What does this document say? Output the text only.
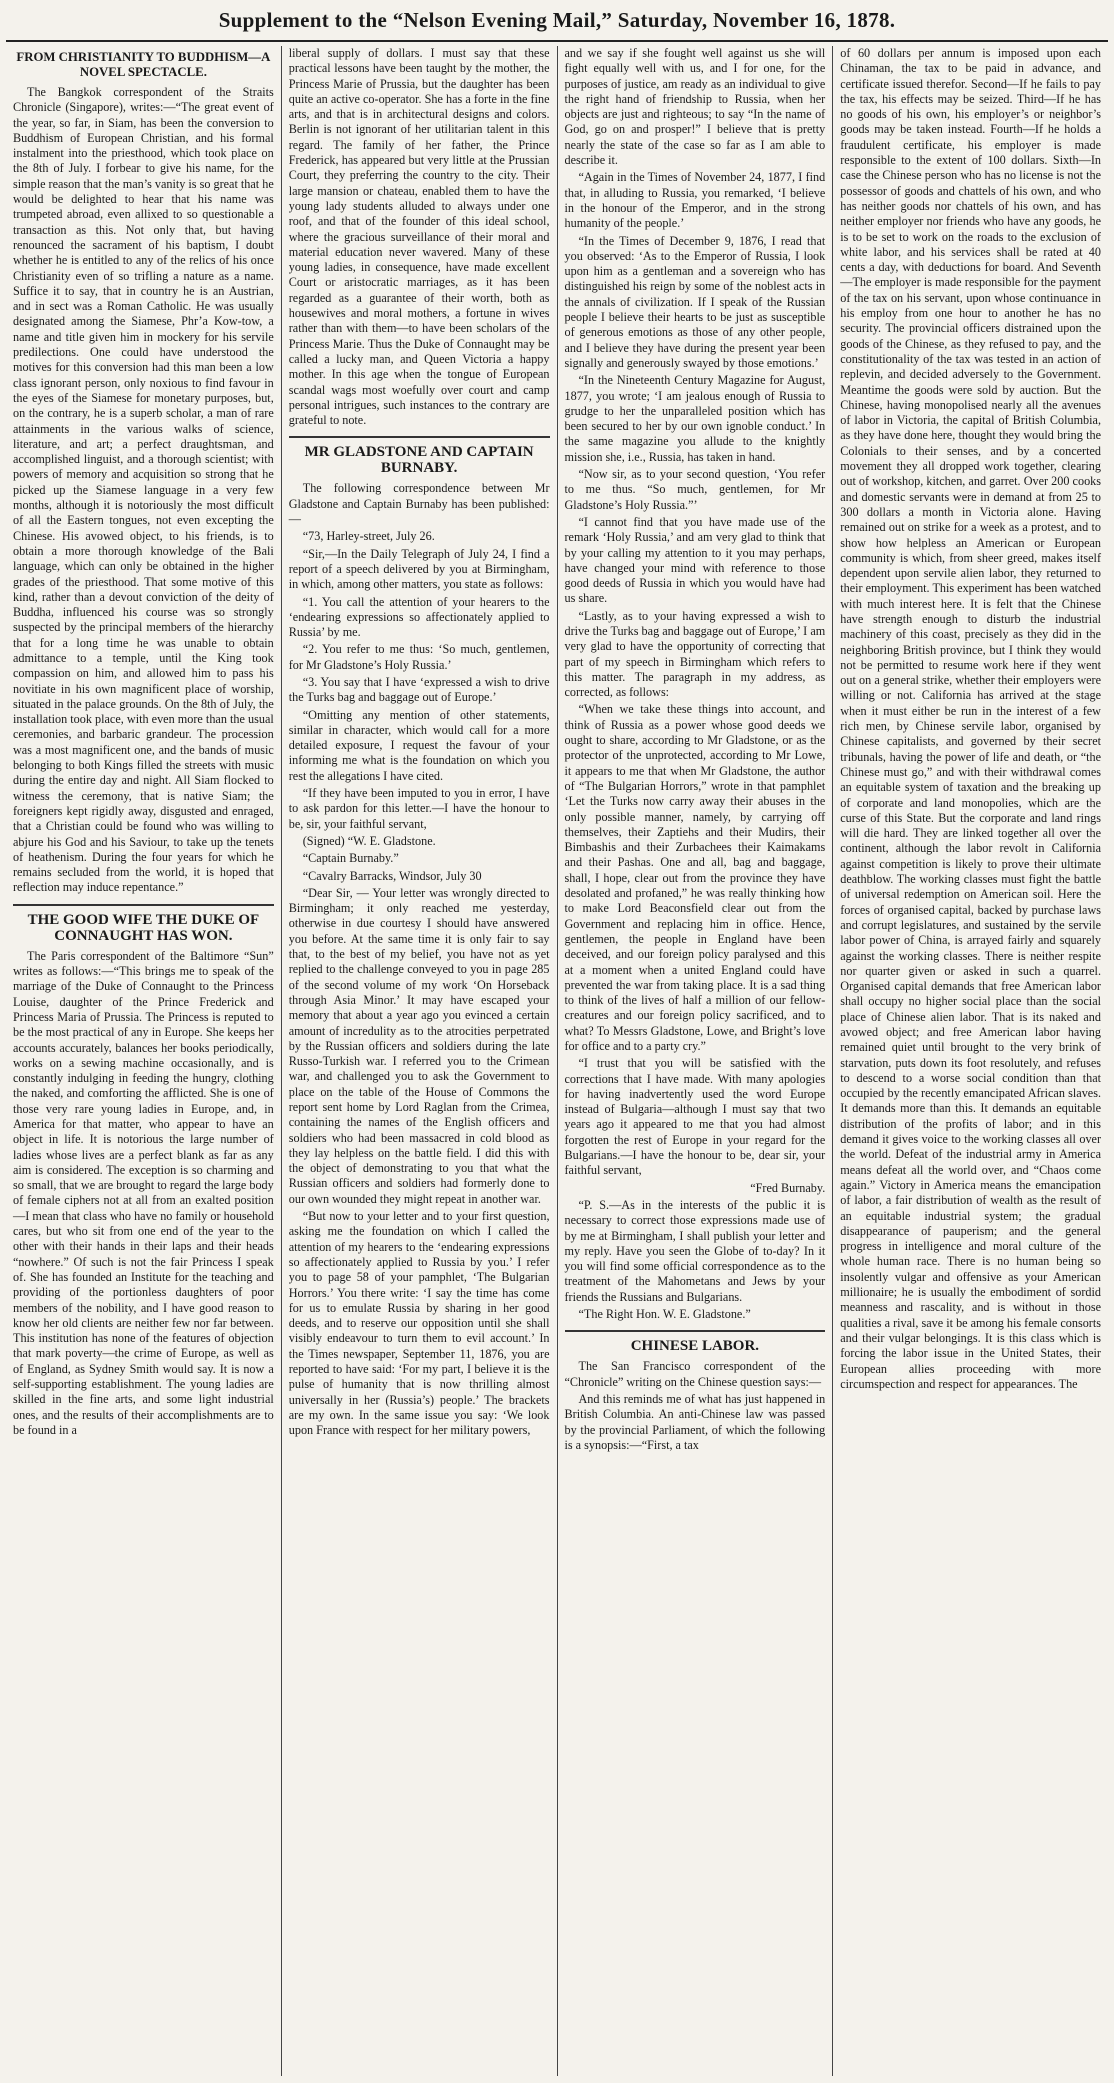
Supplement to the “Nelson Evening Mail,” Saturday, November 16, 1878.
FROM CHRISTIANITY TO BUDDHISM—A NOVEL SPECTACLE.

The Bangkok correspondent of the Straits Chronicle (Singapore), writes:—“The great event of the year, so far, in Siam, has been the conversion to Buddhism of European Christian, and his formal instalment into the priesthood, which took place on the 8th of July. I forbear to give his name, for the simple reason that the man’s vanity is so great that he would be delighted to hear that his name was trumpeted abroad, even allixed to so questionable a transaction as this. Not only that, but having renounced the sacrament of his baptism, I doubt whether he is entitled to any of the relics of his once Christianity even of so trifling a nature as a name. Suffice it to say, that in country he is an Austrian, and in sect was a Roman Catholic. He was usually designated among the Siamese, Phr’a Kow-tow, a name and title given him in mockery for his servile predilections. One could have understood the motives for this conversion had this man been a low class ignorant person, only noxious to find favour in the eyes of the Siamese for monetary purposes, but, on the contrary, he is a superb scholar, a man of rare attainments in the various walks of science, literature, and art; a perfect draughtsman, and accomplished linguist, and a thorough scientist; with powers of memory and acquisition so strong that he picked up the Siamese language in a very few months, although it is notoriously the most difficult of all the Eastern tongues, not even excepting the Chinese. His avowed object, to his friends, is to obtain a more thorough knowledge of the Bali language, which can only be obtained in the higher grades of the priesthood. That some motive of this kind, rather than a devout conviction of the deity of Buddha, influenced his course was so strongly suspected by the principal members of the hierarchy that for a long time he was unable to obtain admittance to a temple, until the King took compassion on him, and allowed him to pass his novitiate in his own magnificent place of worship, situated in the palace grounds. On the 8th of July, the installation took place, with even more than the usual ceremonies, and barbaric grandeur. The procession was a most magnificent one, and the bands of music belonging to both Kings filled the streets with music during the entire day and night. All Siam flocked to witness the ceremony, that is native Siam; the foreigners kept rigidly away, disgusted and enraged, that a Christian could be found who was willing to abjure his God and his Saviour, to take up the tenets of heathenism. During the four years for which he remains secluded from the world, it is hoped that reflection may induce repentance.”

THE GOOD WIFE THE DUKE OF CONNAUGHT HAS WON.

The Paris correspondent of the Baltimore “Sun” writes as follows:—“This brings me to speak of the marriage of the Duke of Connaught to the Princess Louise, daughter of the Prince Frederick and Princess Maria of Prussia. The Princess is reputed to be the most practical of any in Europe. She keeps her accounts accurately, balances her books periodically, works on a sewing machine occasionally, and is constantly indulging in feeding the hungry, clothing the naked, and comforting the afflicted. She is one of those very rare young ladies in Europe, and, in America for that matter, who appear to have an object in life. It is notorious the large number of ladies whose lives are a perfect blank as far as any aim is considered. The exception is so charming and so small, that we are brought to regard the large body of female ciphers not at all from an exalted position—I mean that class who have no family or household cares, but who sit from one end of the year to the other with their hands in their laps and their heads “nowhere.” Of such is not the fair Princess I speak of. She has founded an Institute for the teaching and providing of the portionless daughters of poor members of the nobility, and I have good reason to know her old clients are neither few nor far between. This institution has none of the features of objection that mark poverty—the crime of Europe, as well as of England, as Sydney Smith would say. It is now a self-supporting establishment. The young ladies are skilled in the fine arts, and some light industrial ones, and the results of their accomplishments are to be found in a

liberal supply of dollars. I must say that these practical lessons have been taught by the mother, the Princess Marie of Prussia, but the daughter has been quite an active co-operator. She has a forte in the fine arts, and that is in architectural designs and colors. Berlin is not ignorant of her utilitarian talent in this regard. The family of her father, the Prince Frederick, has appeared but very little at the Prussian Court, they preferring the country to the city. Their large mansion or chateau, enabled them to have the young lady students alluded to always under one roof, and that of the founder of this ideal school, where the gracious surveillance of their moral and material education never wavered. Many of these young ladies, in consequence, have made excellent Court or aristocratic marriages, as it has been regarded as a guarantee of their worth, both as housewives and moral mothers, a fortune in wives rather than with them—to have been scholars of the Princess Marie. Thus the Duke of Connaught may be called a lucky man, and Queen Victoria a happy mother. In this age when the tongue of European scandal wags most woefully over court and camp personal intrigues, such instances to the contrary are grateful to note.

MR GLADSTONE AND CAPTAIN BURNABY.

The following correspondence between Mr Gladstone and Captain Burnaby has been published:—

“73, Harley-street, July 26.

“Sir,—In the Daily Telegraph of July 24, I find a report of a speech delivered by you at Birmingham, in which, among other matters, you state as follows:

“1. You call the attention of your hearers to the ‘endearing expressions so affectionately applied to Russia’ by me.

“2. You refer to me thus: ‘So much, gentlemen, for Mr Gladstone’s Holy Russia.’

“3. You say that I have ‘expressed a wish to drive the Turks bag and baggage out of Europe.’

“Omitting any mention of other statements, similar in character, which would call for a more detailed exposure, I request the favour of your informing me what is the foundation on which you rest the allegations I have cited.

“If they have been imputed to you in error, I have to ask pardon for this letter.—I have the honour to be, sir, your faithful servant,

(Signed) “W. E. Gladstone.

“Captain Burnaby.”

“Cavalry Barracks, Windsor, July 30

“Dear Sir, — Your letter was wrongly directed to Birmingham; it only reached me yesterday, otherwise in due courtesy I should have answered you before. At the same time it is only fair to say that, to the best of my belief, you have not as yet replied to the challenge conveyed to you in page 285 of the second volume of my work ‘On Horseback through Asia Minor.’ It may have escaped your memory that about a year ago you evinced a certain amount of incredulity as to the atrocities perpetrated by the Russian officers and soldiers during the late Russo-Turkish war. I referred you to the Crimean war, and challenged you to ask the Government to place on the table of the House of Commons the report sent home by Lord Raglan from the Crimea, containing the names of the English officers and soldiers who had been massacred in cold blood as they lay helpless on the battle field. I did this with the object of demonstrating to you that what the Russian officers and soldiers had formerly done to our own wounded they might repeat in another war.

“But now to your letter and to your first question, asking me the foundation on which I called the attention of my hearers to the ‘endearing expressions so affectionately applied to Russia by you.’ I refer you to page 58 of your pamphlet, ‘The Bulgarian Horrors.’ You there write: ‘I say the time has come for us to emulate Russia by sharing in her good deeds, and to reserve our opposition until she shall visibly endeavour to turn them to evil account.’ In the Times newspaper, September 11, 1876, you are reported to have said: ‘For my part, I believe it is the pulse of humanity that is now thrilling almost universally in her (Russia’s) people.’ The brackets are my own. In the same issue you say: ‘We look upon France with respect for her military powers,

and we say if she fought well against us she will fight equally well with us, and I for one, for the purposes of justice, am ready as an individual to give the right hand of friendship to Russia, when her objects are just and righteous; to say “In the name of God, go on and prosper!” I believe that is pretty nearly the state of the case so far as I am able to describe it.

“Again in the Times of November 24, 1877, I find that, in alluding to Russia, you remarked, ‘I believe in the honour of the Emperor, and in the strong humanity of the people.’

“In the Times of December 9, 1876, I read that you observed: ‘As to the Emperor of Russia, I look upon him as a gentleman and a sovereign who has distinguished his reign by some of the noblest acts in the annals of civilization. If I speak of the Russian people I believe their hearts to be just as susceptible of generous emotions as those of any other people, and I believe they have during the present year been signally and generously swayed by those emotions.’

“In the Nineteenth Century Magazine for August, 1877, you wrote; ‘I am jealous enough of Russia to grudge to her the unparalleled position which has been secured to her by our own ignoble conduct.’ In the same magazine you allude to the knightly mission she, i.e., Russia, has taken in hand.

“Now sir, as to your second question, ‘You refer to me thus. “So much, gentlemen, for Mr Gladstone’s Holy Russia.”’

“I cannot find that you have made use of the remark ‘Holy Russia,’ and am very glad to think that by your calling my attention to it you may perhaps, have changed your mind with reference to those good deeds of Russia in which you would have had us share.

“Lastly, as to your having expressed a wish to drive the Turks bag and baggage out of Europe,’ I am very glad to have the opportunity of correcting that part of my speech in Birmingham which refers to this matter. The paragraph in my address, as corrected, as follows:

“When we take these things into account, and think of Russia as a power whose good deeds we ought to share, according to Mr Gladstone, or as the protector of the unprotected, according to Mr Lowe, it appears to me that when Mr Gladstone, the author of “The Bulgarian Horrors,” wrote in that pamphlet ‘Let the Turks now carry away their abuses in the only possible manner, namely, by carrying off themselves, their Zaptiehs and their Mudirs, their Bimbashis and their Zurbachees their Kaimakams and their Pashas. One and all, bag and baggage, shall, I hope, clear out from the province they have desolated and profaned,” he was really thinking how to make Lord Beaconsfield clear out from the Government and replacing him in office. Hence, gentlemen, the people in England have been deceived, and our foreign policy paralysed and this at a moment when a united England could have prevented the war from taking place. It is a sad thing to think of the lives of half a million of our fellow-creatures and our foreign policy sacrificed, and to what? To Messrs Gladstone, Lowe, and Bright’s love for office and to a party cry.”

“I trust that you will be satisfied with the corrections that I have made. With many apologies for having inadvertently used the word Europe instead of Bulgaria—although I must say that two years ago it appeared to me that you had almost forgotten the rest of Europe in your regard for the Bulgarians.—I have the honour to be, dear sir, your faithful servant,

“Fred Burnaby.

“P. S.—As in the interests of the public it is necessary to correct those expressions made use of by me at Birmingham, I shall publish your letter and my reply. Have you seen the Globe of to-day? In it you will find some official correspondence as to the treatment of the Mahometans and Jews by your friends the Russians and Bulgarians.

“The Right Hon. W. E. Gladstone.”

CHINESE LABOR.

The San Francisco correspondent of the “Chronicle” writing on the Chinese question says:—

And this reminds me of what has just happened in British Columbia. An anti-Chinese law was passed by the provincial Parliament, of which the following is a synopsis:—“First, a tax

of 60 dollars per annum is imposed upon each Chinaman, the tax to be paid in advance, and certificate issued therefor. Second—If he fails to pay the tax, his effects may be seized. Third—If he has no goods of his own, his employer’s or neighbor’s goods may be taken instead. Fourth—If he holds a fraudulent certificate, his employer is made responsible to the extent of 100 dollars. Sixth—In case the Chinese person who has no license is not the possessor of goods and chattels of his own, and who has neither goods nor chattels of his own, and has neither employer nor friends who have any goods, he is to be set to work on the roads to the exclusion of white labor, and his services shall be rated at 40 cents a day, with deductions for board. And Seventh—The employer is made responsible for the payment of the tax on his servant, upon whose continuance in his employ from one hour to another he has no security. The provincial officers distrained upon the goods of the Chinese, as they refused to pay, and the constitutionality of the tax was tested in an action of replevin, and decided adversely to the Government. Meantime the goods were sold by auction. But the Chinese, having monopolised nearly all the avenues of labor in Victoria, the capital of British Columbia, as they have done here, thought they would bring the Colonials to their senses, and by a concerted movement they all dropped work together, clearing out of workshop, kitchen, and garret. Over 200 cooks and domestic servants were in demand at from 25 to 300 dollars a month in Victoria alone. Having remained out on strike for a week as a protest, and to show how helpless an American or European community is which, from sheer greed, makes itself dependent upon servile alien labor, they returned to their employment. This experiment has been watched with much interest here. It is felt that the Chinese have strength enough to disturb the industrial machinery of this coast, precisely as they did in the neighboring British province, but I think they would not be permitted to resume work here if they went out on a general strike, whether their employers were willing or not. California has arrived at the stage when it must either be run in the interest of a few rich men, by Chinese servile labor, organised by Chinese capitalists, and governed by their secret tribunals, having the power of life and death, or “the Chinese must go,” and with their withdrawal comes an equitable system of taxation and the breaking up of corporate and land monopolies, which are the curse of this State. But the corporate and land rings will die hard. They are linked together all over the continent, although the labor revolt in California against competition is likely to prove their ultimate deathblow. The working classes must fight the battle of universal redemption on American soil. Here the forces of organised capital, backed by purchase laws and corrupt legislatures, and sustained by the servile labor power of China, is arrayed fairly and squarely against the working classes. There is neither respite nor quarter given or asked in such a quarrel. Organised capital demands that free American labor shall occupy no higher social place than the social place of Chinese alien labor. That is its naked and avowed object; and free American labor having remained quiet until brought to the very brink of starvation, puts down its foot resolutely, and refuses to descend to a worse social condition than that occupied by the recently emancipated African slaves. It demands more than this. It demands an equitable distribution of the profits of labor; and in this demand it gives voice to the working classes all over the world. Defeat of the industrial army in America means defeat all the world over, and “Chaos come again.” Victory in America means the emancipation of labor, a fair distribution of wealth as the result of an equitable industrial system; the gradual disappearance of pauperism; and the general progress in intelligence and moral culture of the whole human race. There is no human being so insolently vulgar and offensive as your American millionaire; he is usually the embodiment of sordid meanness and rascality, and is without in those qualities a rival, save it be among his female consorts and their vulgar belongings. It is this class which is forcing the labor issue in the United States, their European allies proceeding with more circumspection and respect for appearances. The
